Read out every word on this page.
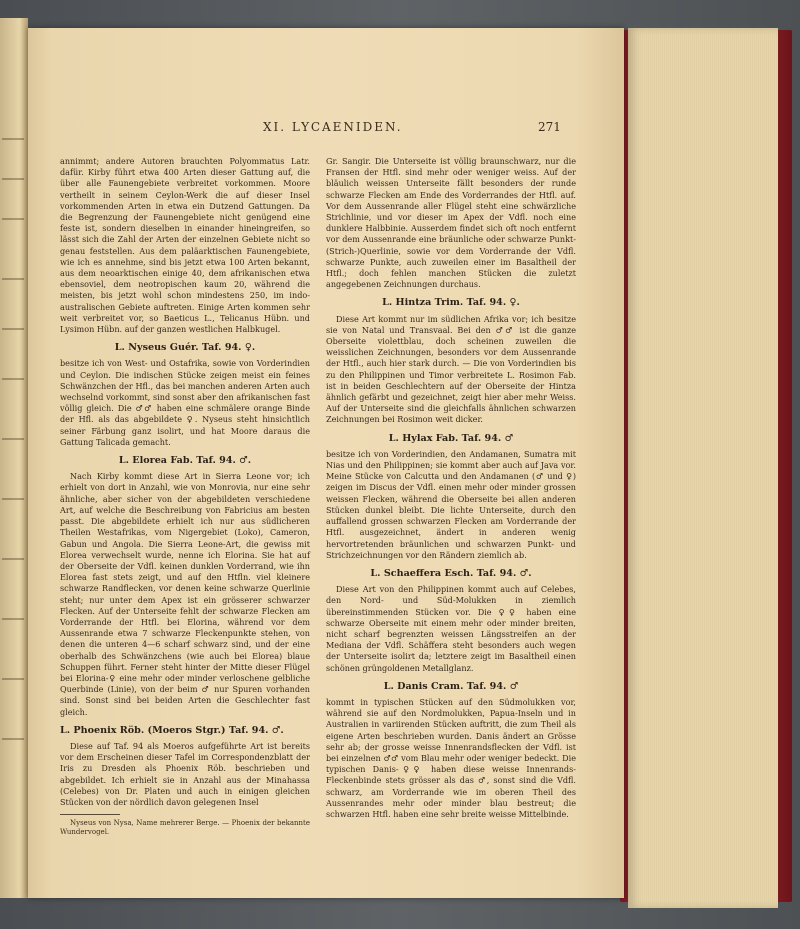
XI. LYCAENIDEN.	271

annimmt; andere Autoren brauchten Polyommatus Latr. dafür. Kirby führt etwa 400 Arten dieser Gattung auf, die über alle Faunengebiete verbreitet vorkommen. Moore vertheilt in seinem Ceylon-Werk die auf dieser Insel vorkommenden Arten in etwa ein Dutzend Gattungen. Da die Begrenzung der Faunengebiete nicht genügend eine feste ist, sondern dieselben in einander hineingreifen, so lässt sich die Zahl der Arten der einzelnen Gebiete nicht so genau feststellen. Aus dem paläarktischen Faunengebiete, wie ich es annehme, sind bis jetzt etwa 100 Arten bekannt, aus dem neoarktischen einige 40, dem afrikanischen etwa ebensoviel, dem neotropischen kaum 20, während die meisten, bis jetzt wohl schon mindestens 250, im indo-australischen Gebiete auftreten. Einige Arten kommen sehr weit verbreitet vor, so Baeticus L., Telicanus Hübn. und Lysimon Hübn. auf der ganzen westlichen Halbkugel.

L. Nyseus Guér. Taf. 94. ♀.

besitze ich von West- und Ostafrika, sowie von Vorderindien und Ceylon. Die indischen Stücke zeigen meist ein feines Schwänzchen der Hfl., das bei manchen anderen Arten auch wechselnd vorkommt, sind sonst aber den afrikanischen fast völlig gleich. Die ♂♂ haben eine schmälere orange Binde der Hfl. als das abgebildete ♀. Nyseus steht hinsichtlich seiner Färbung ganz isolirt, und hat Moore daraus die Gattung Talicada gemacht.

L. Elorea Fab. Taf. 94. ♂.

Nach Kirby kommt diese Art in Sierra Leone vor; ich erhielt von dort in Anzahl, wie von Monrovia, nur eine sehr ähnliche, aber sicher von der abgebildeten verschiedene Art, auf welche die Beschreibung von Fabricius am besten passt. Die abgebildete erhielt ich nur aus südlicheren Theilen Westafrikas, vom Nigergebiet (Loko), Cameron, Gabun und Angola. Die Sierra Leone-Art, die gewiss mit Elorea verwechselt wurde, nenne ich Elorina. Sie hat auf der Oberseite der Vdfl. keinen dunklen Vorderrand, wie ihn Elorea fast stets zeigt, und auf den Htfln. viel kleinere schwarze Randflecken, vor denen keine schwarze Querlinie steht; nur unter dem Apex ist ein grösserer schwarzer Flecken. Auf der Unterseite fehlt der schwarze Flecken am Vorderrande der Htfl. bei Elorina, während vor dem Aussenrande etwa 7 schwarze Fleckenpunkte stehen, von denen die unteren 4—6 scharf schwarz sind, und der eine oberhalb des Schwänzchens (wie auch bei Elorea) blaue Schuppen führt. Ferner steht hinter der Mitte dieser Flügel bei Elorina-♀ eine mehr oder minder verloschene gelbliche Querbinde (Linie), von der beim ♂ nur Spuren vorhanden sind. Sonst sind bei beiden Arten die Geschlechter fast gleich.

L. Phoenix Röb. (Moeros Stgr.) Taf. 94. ♂.

Diese auf Taf. 94 als Moeros aufgeführte Art ist bereits vor dem Erscheinen dieser Tafel im Correspondenzblatt der Iris zu Dresden als Phoenix Röb. beschrieben und abgebildet. Ich erhielt sie in Anzahl aus der Minahassa (Celebes) von Dr. Platen und auch in einigen gleichen Stücken von der nördlich davon gelegenen Insel

Nyseus von Nysa, Name mehrerer Berge. — Phoenix der bekannte Wundervogel.

Gr. Sangir. Die Unterseite ist völlig braunschwarz, nur die Fransen der Htfl. sind mehr oder weniger weiss. Auf der bläulich weissen Unterseite fällt besonders der runde schwarze Flecken am Ende des Vorderrandes der Htfl. auf. Vor dem Aussenrande aller Flügel steht eine schwärzliche Strichlinie, und vor dieser im Apex der Vdfl. noch eine dunklere Halbbinie. Ausserdem findet sich oft noch entfernt vor dem Aussenrande eine bräunliche oder schwarze Punkt-(Strich-)Querlinie, sowie vor dem Vorderrande der Vdfl. schwarze Punkte, auch zuweilen einer im Basaltheil der Htfl.; doch fehlen manchen Stücken die zuletzt angegebenen Zeichnungen durchaus.

L. Hintza Trim. Taf. 94. ♀.

Diese Art kommt nur im südlichen Afrika vor; ich besitze sie von Natal und Transvaal. Bei den ♂♂ ist die ganze Oberseite violettblau, doch scheinen zuweilen die weisslichen Zeichnungen, besonders vor dem Aussenrande der Htfl., auch hier stark durch. — Die von Vorderindien bis zu den Philippinen und Timor verbreitete L. Rosimon Fab. ist in beiden Geschlechtern auf der Oberseite der Hintza ähnlich gefärbt und gezeichnet, zeigt hier aber mehr Weiss. Auf der Unterseite sind die gleichfalls ähnlichen schwarzen Zeichnungen bei Rosimon weit dicker.

L. Hylax Fab. Taf. 94. ♂

besitze ich von Vorderindien, den Andamanen, Sumatra mit Nias und den Philippinen; sie kommt aber auch auf Java vor. Meine Stücke von Calcutta und den Andamanen (♂ und ♀) zeigen im Discus der Vdfl. einen mehr oder minder grossen weissen Flecken, während die Oberseite bei allen anderen Stücken dunkel bleibt. Die lichte Unterseite, durch den auffallend grossen schwarzen Flecken am Vorderrande der Htfl. ausgezeichnet, ändert in anderen wenig hervortretenden bräunlichen und schwarzen Punkt- und Strichzeichnungen vor den Rändern ziemlich ab.

L. Schaeffera Esch. Taf. 94. ♂.

Diese Art von den Philippinen kommt auch auf Celebes, den Nord- und Süd-Molukken in ziemlich übereinstimmenden Stücken vor. Die ♀♀ haben eine schwarze Oberseite mit einem mehr oder minder breiten, nicht scharf begrenzten weissen Längsstreifen an der Mediana der Vdfl. Schäffera steht besonders auch wegen der Unterseite isolirt da; letztere zeigt im Basaltheil einen schönen grüngoldenen Metallglanz.

L. Danis Cram. Taf. 94. ♂

kommt in typischen Stücken auf den Südmolukken vor, während sie auf den Nordmolukken, Papua-Inseln und in Australien in variirenden Stücken auftritt, die zum Theil als eigene Arten beschrieben wurden. Danis ändert an Grösse sehr ab; der grosse weisse Innenrandsflecken der Vdfl. ist bei einzelnen ♂♂ vom Blau mehr oder weniger bedeckt. Die typischen Danis-♀♀ haben diese weisse Innenrands-Fleckenbinde stets grösser als das ♂, sonst sind die Vdfl. schwarz, am Vorderrande wie im oberen Theil des Aussenrandes mehr oder minder blau bestreut; die schwarzen Htfl. haben eine sehr breite weisse Mittelbinde.
